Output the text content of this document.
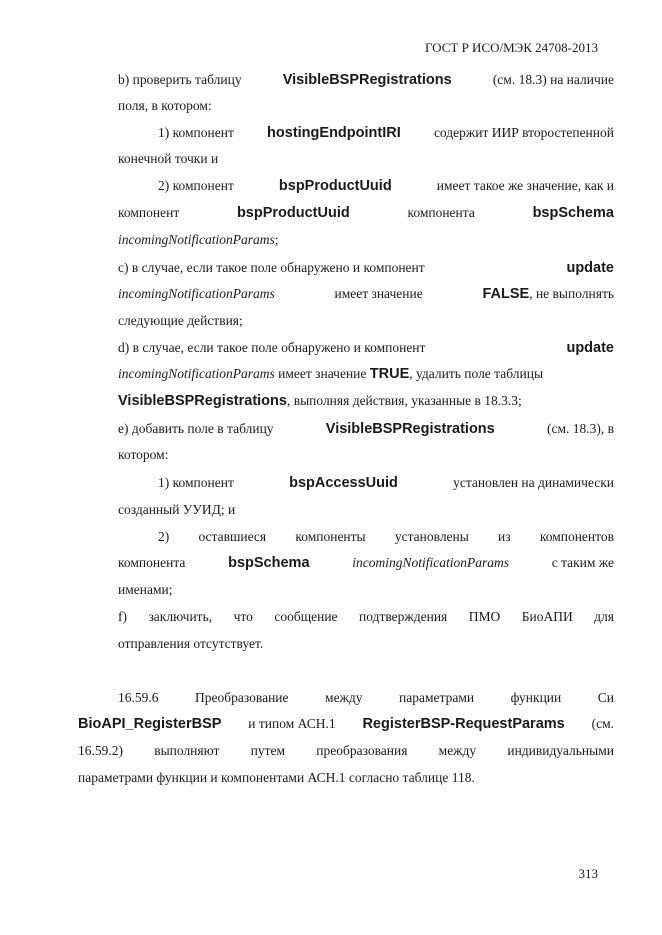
ГОСТ Р ИСО/МЭК 24708-2013
b) проверить таблицу	VisibleBSPRegistrations	(см. 18.3) на наличие
поля, в котором:
1) компонент hostingEndpointIRI содержит ИИР второстепенной
конечной точки и
2) компонент	bspProductUuid	имеет такое же значение, как и
компонент	bspProductUuid	компонента	bspSchema
incomingNotificationParams;
c) в случае, если такое поле обнаружено и компонент	update
incomingNotificationParams	имеет значение	FALSE, не выполнять
следующие действия;
d) в случае, если такое поле обнаружено и компонент	update
incomingNotificationParams имеет значение TRUE, удалить поле таблицы
VisibleBSPRegistrations, выполняя действия, указанные в 18.3.3;
e) добавить поле в таблицу	VisibleBSPRegistrations	(см. 18.3), в
котором:
1) компонент	bspAccessUuid	установлен на динамически
созданный УУИД; и
2) оставшиеся компоненты установлены из компонентов
компонента	bspSchema	incomingNotificationParams	с таким же
именами;
f) заключить, что сообщение подтверждения ПМО БиоАПИ для
отправления отсутствует.
16.59.6 Преобразование между параметрами функции Си
BioAPI_RegisterBSP и типом АСН.1 RegisterBSP-RequestParams (см.
16.59.2) выполняют путем преобразования между индивидуальными
параметрами функции и компонентами АСН.1 согласно таблице 118.
313
